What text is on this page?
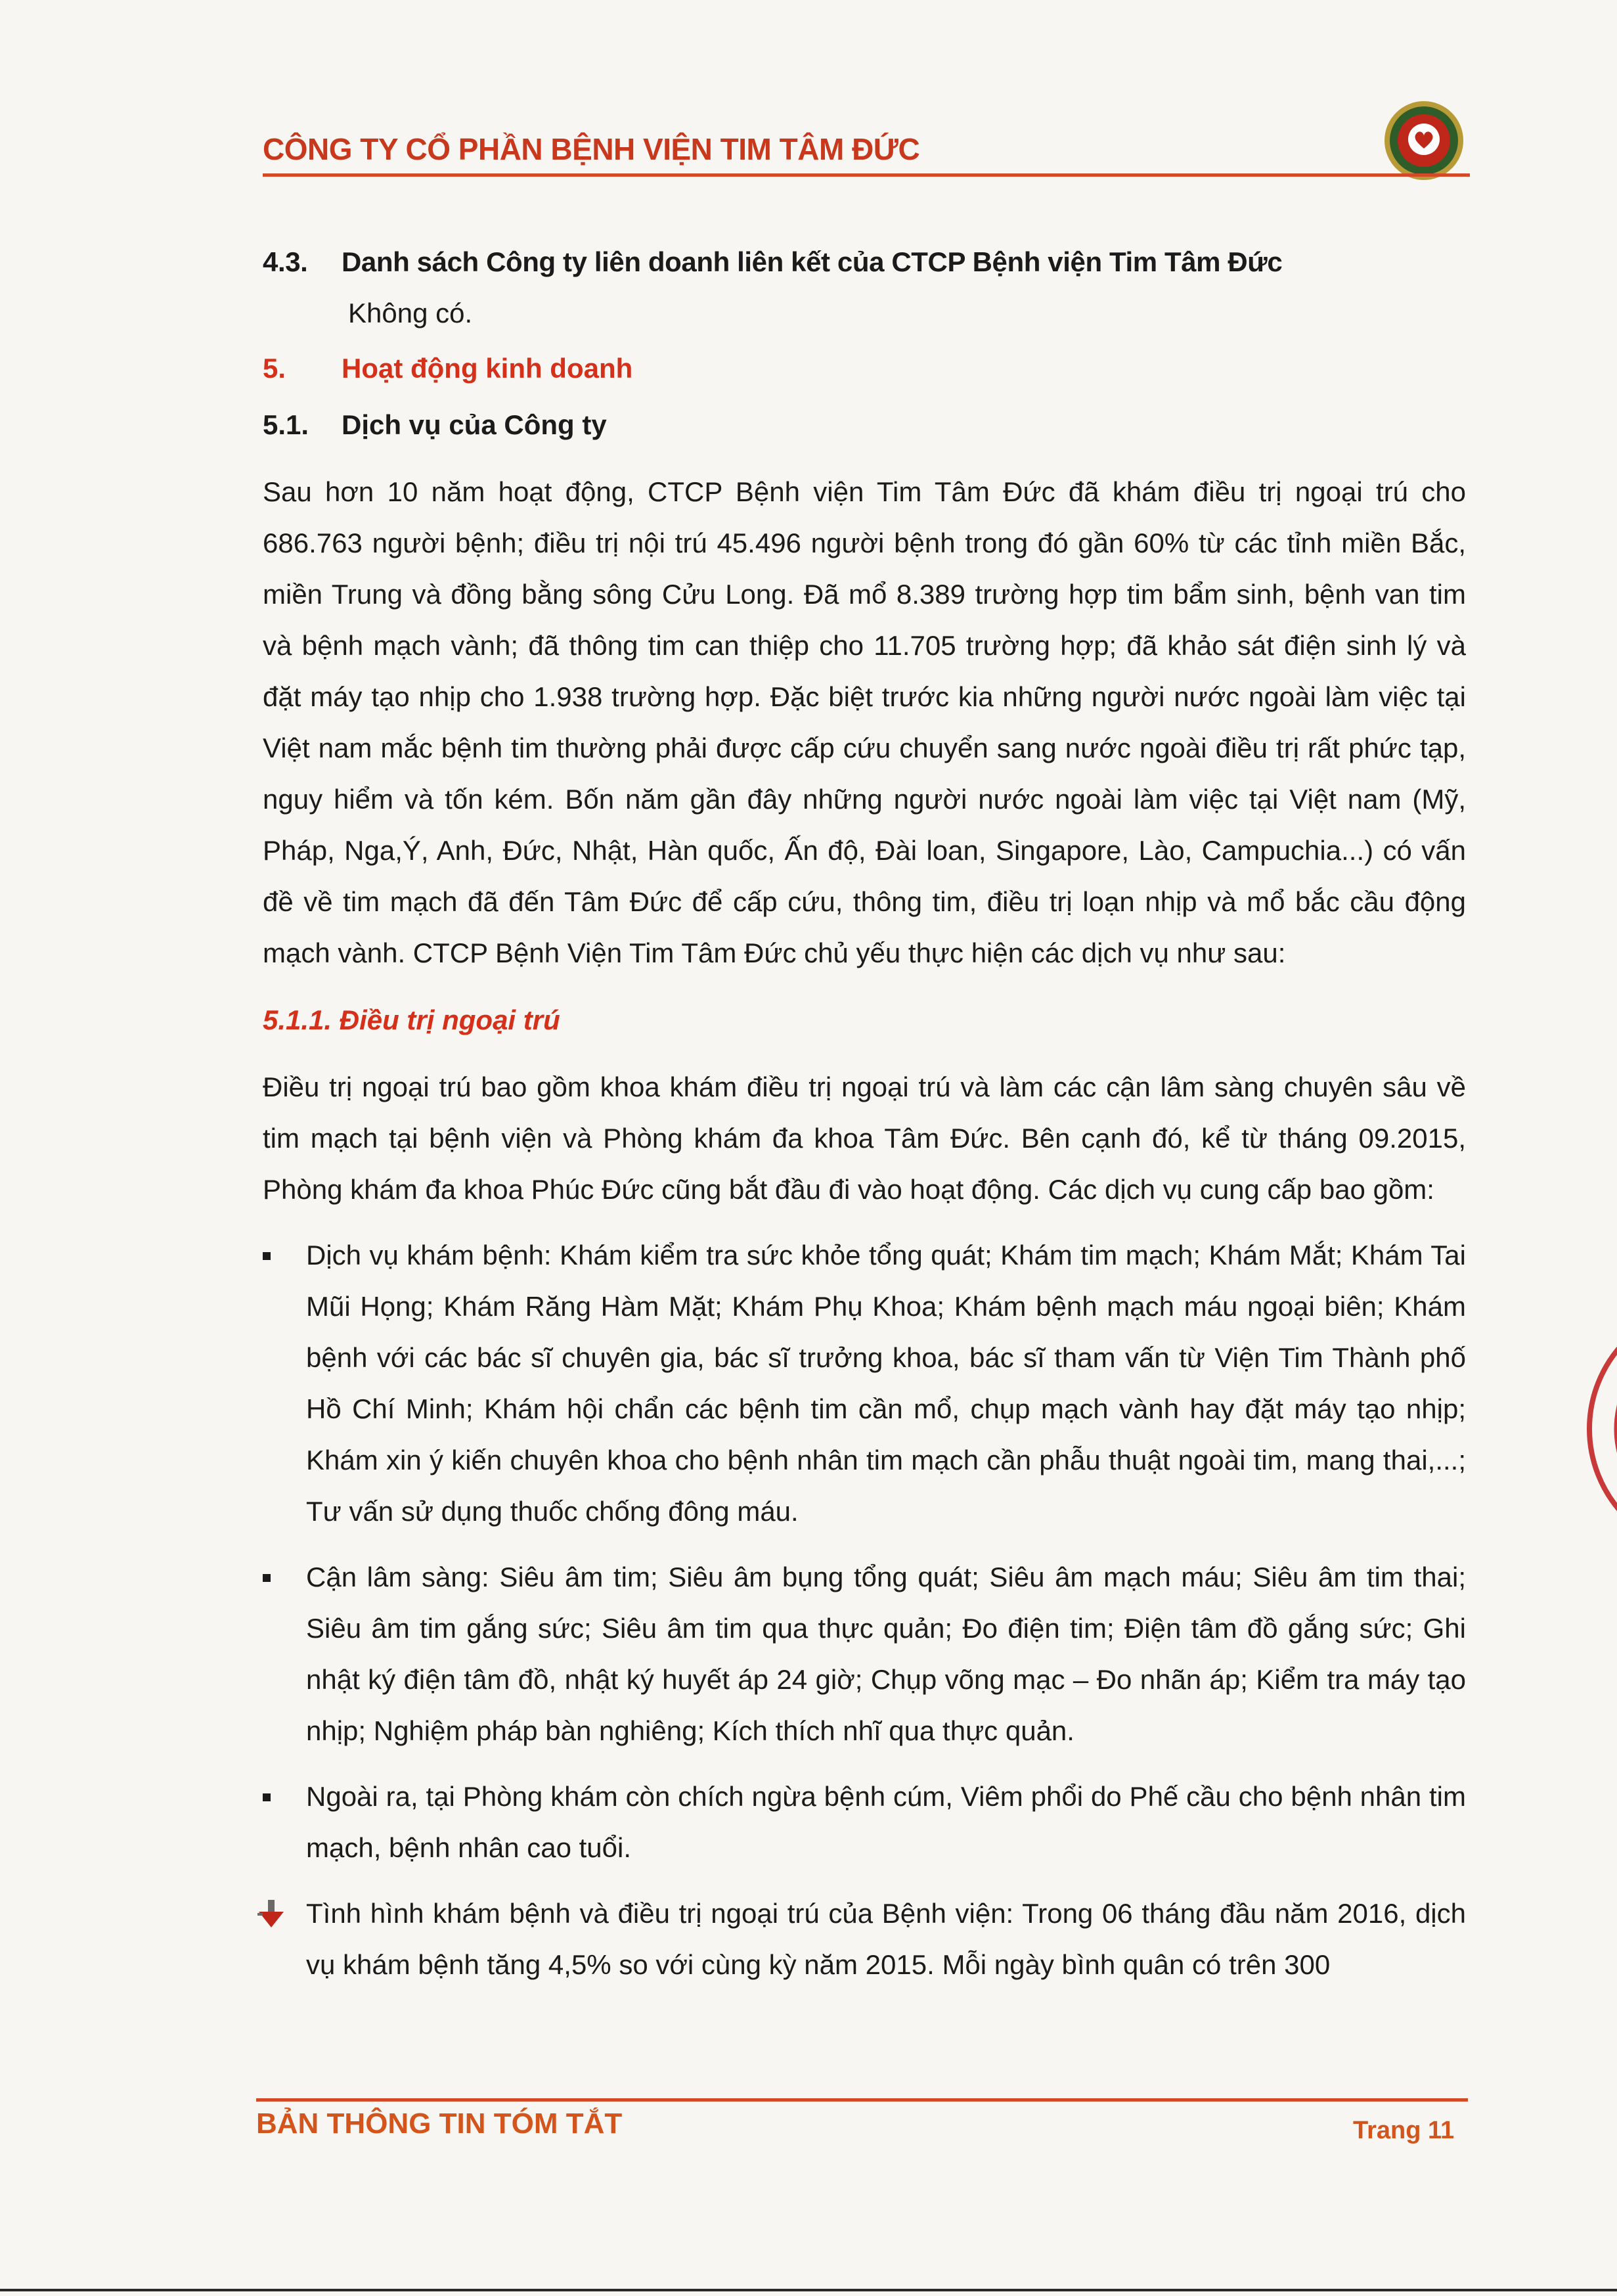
CÔNG TY CỔ PHẦN BỆNH VIỆN TIM TÂM ĐỨC

4.3. Danh sách Công ty liên doanh liên kết của CTCP Bệnh viện Tim Tâm Đức

Không có.

5. Hoạt động kinh doanh

5.1. Dịch vụ của Công ty

Sau hơn 10 năm hoạt động, CTCP Bệnh viện Tim Tâm Đức đã khám điều trị ngoại trú cho 686.763 người bệnh; điều trị nội trú 45.496 người bệnh trong đó gần 60% từ các tỉnh miền Bắc, miền Trung và đồng bằng sông Cửu Long. Đã mổ 8.389 trường hợp tim bẩm sinh, bệnh van tim và bệnh mạch vành; đã thông tim can thiệp cho 11.705 trường hợp; đã khảo sát điện sinh lý và đặt máy tạo nhịp cho 1.938 trường hợp. Đặc biệt trước kia những người nước ngoài làm việc tại Việt nam mắc bệnh tim thường phải được cấp cứu chuyển sang nước ngoài điều trị rất phức tạp, nguy hiểm và tốn kém. Bốn năm gần đây những người nước ngoài làm việc tại Việt nam (Mỹ, Pháp, Nga,Ý, Anh, Đức, Nhật, Hàn quốc, Ấn độ, Đài loan, Singapore, Lào, Campuchia...) có vấn đề về tim mạch đã đến Tâm Đức để cấp cứu, thông tim, điều trị loạn nhịp và mổ bắc cầu động mạch vành. CTCP Bệnh Viện Tim Tâm Đức chủ yếu thực hiện các dịch vụ như sau:

5.1.1. Điều trị ngoại trú

Điều trị ngoại trú bao gồm khoa khám điều trị ngoại trú và làm các cận lâm sàng chuyên sâu về tim mạch tại bệnh viện và Phòng khám đa khoa Tâm Đức. Bên cạnh đó, kể từ tháng 09.2015, Phòng khám đa khoa Phúc Đức cũng bắt đầu đi vào hoạt động. Các dịch vụ cung cấp bao gồm:

Dịch vụ khám bệnh: Khám kiểm tra sức khỏe tổng quát; Khám tim mạch; Khám Mắt; Khám Tai Mũi Họng; Khám Răng Hàm Mặt; Khám Phụ Khoa; Khám bệnh mạch máu ngoại biên; Khám bệnh với các bác sĩ chuyên gia, bác sĩ trưởng khoa, bác sĩ tham vấn từ Viện Tim Thành phố Hồ Chí Minh; Khám hội chẩn các bệnh tim cần mổ, chụp mạch vành hay đặt máy tạo nhịp; Khám xin ý kiến chuyên khoa cho bệnh nhân tim mạch cần phẫu thuật ngoài tim, mang thai,...; Tư vấn sử dụng thuốc chống đông máu.
Cận lâm sàng: Siêu âm tim; Siêu âm bụng tổng quát; Siêu âm mạch máu; Siêu âm tim thai; Siêu âm tim gắng sức; Siêu âm tim qua thực quản; Đo điện tim; Điện tâm đồ gắng sức; Ghi nhật ký điện tâm đồ, nhật ký huyết áp 24 giờ; Chụp võng mạc – Đo nhãn áp; Kiểm tra máy tạo nhịp; Nghiệm pháp bàn nghiêng; Kích thích nhĩ qua thực quản.
Ngoài ra, tại Phòng khám còn chích ngừa bệnh cúm, Viêm phổi do Phế cầu cho bệnh nhân tim mạch, bệnh nhân cao tuổi.
Tình hình khám bệnh và điều trị ngoại trú của Bệnh viện: Trong 06 tháng đầu năm 2016, dịch vụ khám bệnh tăng 4,5% so với cùng kỳ năm 2015. Mỗi ngày bình quân có trên 300
BẢN THÔNG TIN TÓM TẮT	Trang 11
